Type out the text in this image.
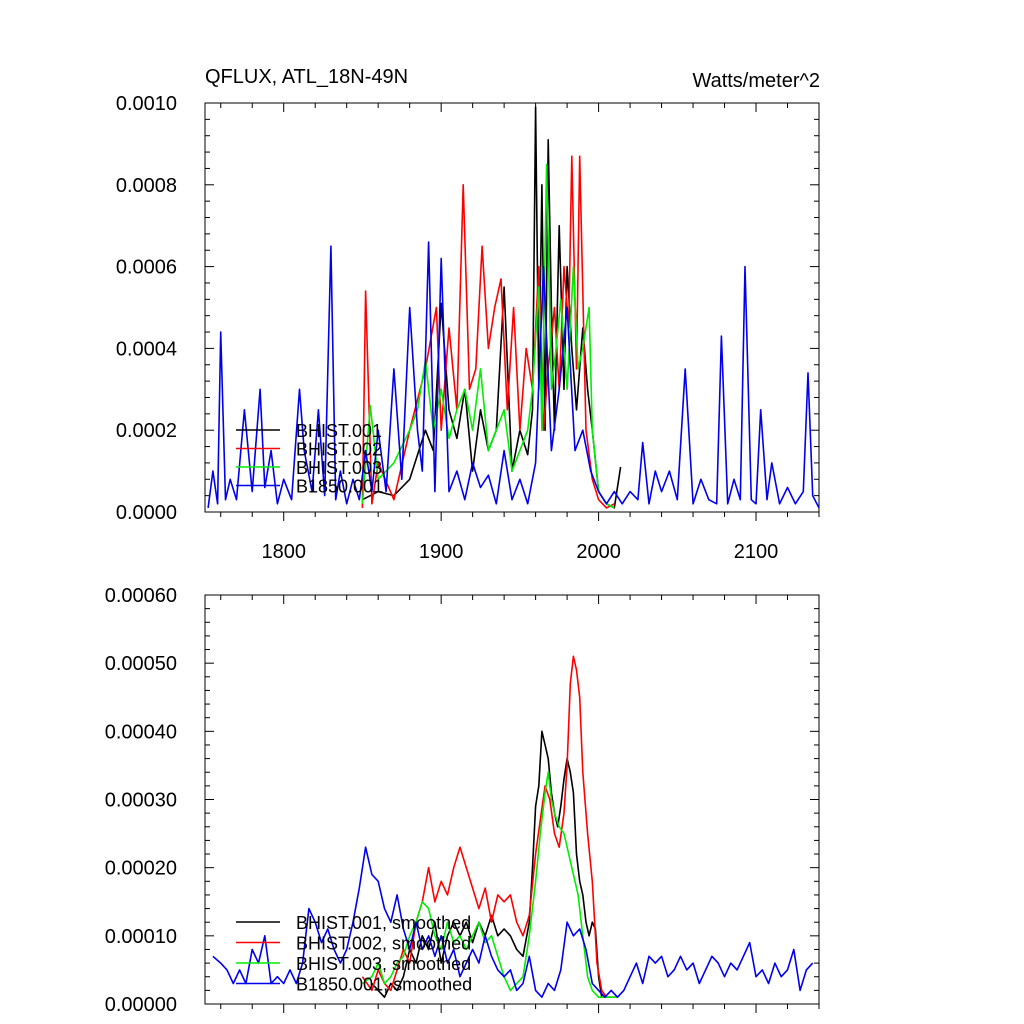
QFLUX, ATL_18N-49N	Watts/meter^2
0.0000
0.0002
0.0004
0.0006
0.0008
0.0010
1800	1900	2000	2100
BHIST.001
BHIST.002
BHIST.003
B1850.001
0.00000
0.00010
0.00020
0.00030
0.00040
0.00050
0.00060
BHIST.001, smoothed
BHIST.002, smoothed
BHIST.003, smoothed
B1850.001, smoothed
